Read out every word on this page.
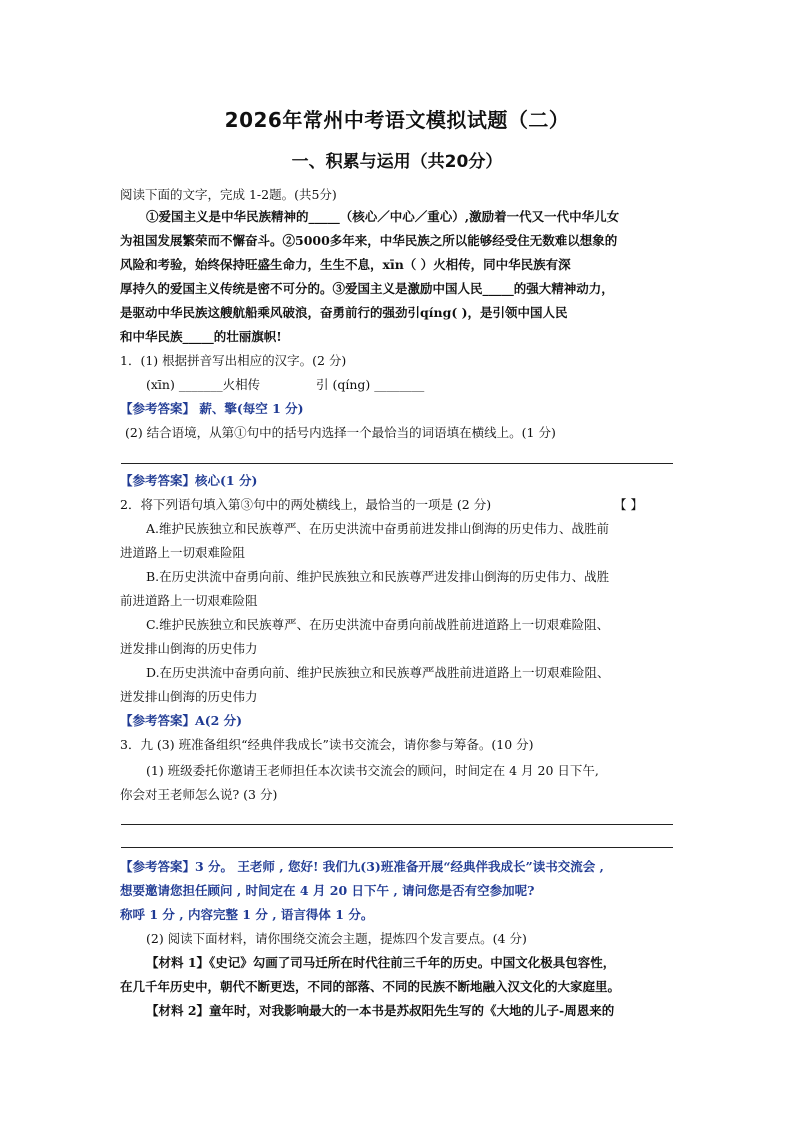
2026年常州中考语文模拟试题（二）
一、积累与运用（共20分）
阅读下面的文字，完成 1-2题。(共5分)
①爱国主义是中华民族精神的_____（核心／中心／重心）,激励着一代又一代中华儿女
为祖国发展繁荣而不懈奋斗。②5000多年来，中华民族之所以能够经受住无数难以想象的
风险和考验，始终保持旺盛生命力，生生不息，xīn（ ）火相传，同中华民族有深
厚持久的爱国主义传统是密不可分的。③爱国主义是激励中国人民_____的强大精神动力，
是驱动中华民族这艘航船乘风破浪，奋勇前行的强劲引qíng( )，是引领中国人民
和中华民族_____的壮丽旗帜!
1．(1) 根据拼音写出相应的汉字。(2 分)
(xīn) _______火相传	引 (qíng) ________
【参考答案】 薪、擎(每空 1 分)
(2) 结合语境，从第①句中的括号内选择一个最恰当的词语填在横线上。(1 分)
【参考答案】核心(1 分)
2．将下列语句填入第③句中的两处横线上，最恰当的一项是 (2 分)	【 】
A.维护民族独立和民族尊严、在历史洪流中奋勇前进发排山倒海的历史伟力、战胜前
进道路上一切艰难险阻
B.在历史洪流中奋勇向前、维护民族独立和民族尊严进发排山倒海的历史伟力、战胜
前进道路上一切艰难险阻
C.维护民族独立和民族尊严、在历史洪流中奋勇向前战胜前进道路上一切艰难险阻、
迸发排山倒海的历史伟力
D.在历史洪流中奋勇向前、维护民族独立和民族尊严战胜前进道路上一切艰难险阻、
迸发排山倒海的历史伟力
【参考答案】A(2 分)
3．九 (3) 班准备组织“经典伴我成长”读书交流会，请你参与筹备。(10 分)
(1) 班级委托你邀请王老师担任本次读书交流会的顾问，时间定在 4 月 20 日下午,
你会对王老师怎么说? (3 分)
【参考答案】3 分。 王老师 , 您好! 我们九(3)班准备开展“经典伴我成长”读书交流会 ,
想要邀请您担任顾问 , 时间定在 4 月 20 日下午 , 请问您是否有空参加呢?
称呼 1 分 , 内容完整 1 分 , 语言得体 1 分。
(2) 阅读下面材料，请你围绕交流会主题，提炼四个发言要点。(4 分)
【材料 1】《史记》勾画了司马迁所在时代往前三千年的历史。中国文化极具包容性，
在几千年历史中，朝代不断更迭，不同的部落、不同的民族不断地融入汉文化的大家庭里。
【材料 2】童年时，对我影响最大的一本书是苏叔阳先生写的《大地的儿子-周恩来的
